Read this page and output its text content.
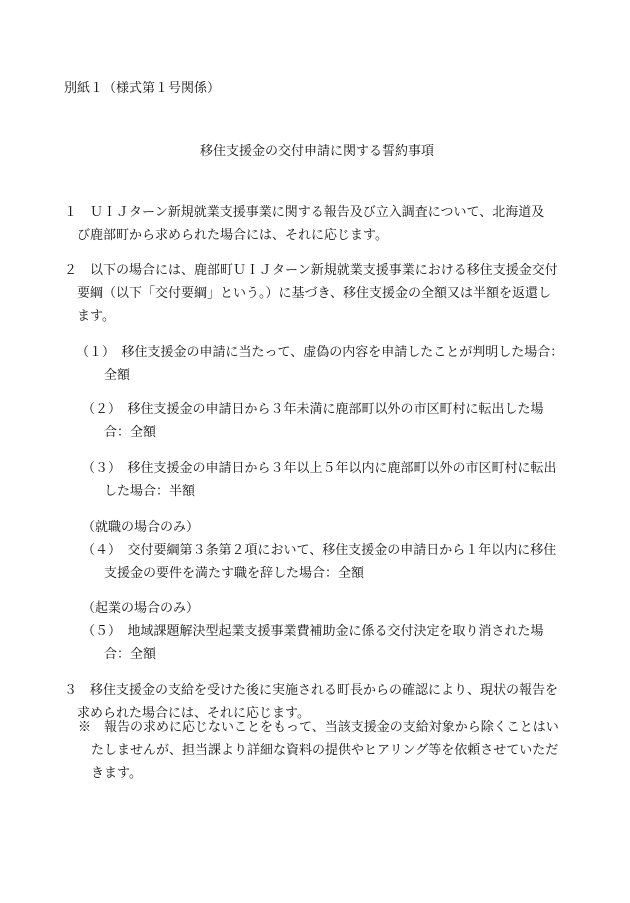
別紙１（様式第１号関係）
移住支援金の交付申請に関する誓約事項
１　ＵＩＪターン新規就業支援事業に関する報告及び立入調査について、北海道及
び鹿部町から求められた場合には、それに応じます。
２　以下の場合には、鹿部町ＵＩＪターン新規就業支援事業における移住支援金交付
要綱（以下「交付要綱」という。）に基づき、移住支援金の全額又は半額を返還し
ます。
（１）　移住支援金の申請に当たって、虚偽の内容を申請したことが判明した場合：
全額
（２）　移住支援金の申請日から３年未満に鹿部町以外の市区町村に転出した場
合：全額
（３）　移住支援金の申請日から３年以上５年以内に鹿部町以外の市区町村に転出
した場合：半額
（就職の場合のみ）
（４）　交付要綱第３条第２項において、移住支援金の申請日から１年以内に移住
支援金の要件を満たす職を辞した場合：全額
（起業の場合のみ）
（５）　地域課題解決型起業支援事業費補助金に係る交付決定を取り消された場
合：全額
３　移住支援金の支給を受けた後に実施される町長からの確認により、現状の報告を
求められた場合には、それに応じます。
※　報告の求めに応じないことをもって、当該支援金の支給対象から除くことはい
たしませんが、担当課より詳細な資料の提供やヒアリング等を依頼させていただ
きます。
